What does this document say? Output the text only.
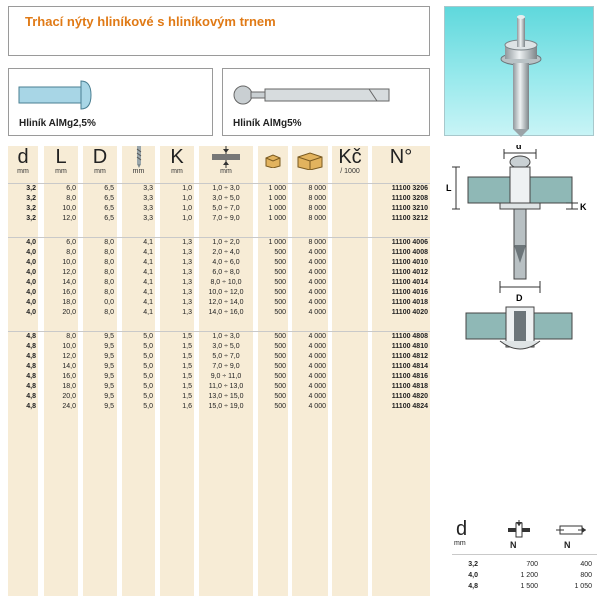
Trhací nýty hliníkové s hliníkovým trnem
Hliník AlMg2,5%	Hliník AlMg5%
d
mm
L
mm
D
mm	mm
K
mm	mm
Kč
/ 1000
N°
3,2	6,0	6,5	3,3	1,0	1,0 ÷ 3,0	1 000	8 000	11100 3206
3,2	8,0	6,5	3,3	1,0	3,0 ÷ 5,0	1 000	8 000	11100 3208
3,2	10,0	6,5	3,3	1,0	5,0 ÷ 7,0	1 000	8 000	11100 3210
3,2	12,0	6,5	3,3	1,0	7,0 ÷ 9,0	1 000	8 000	11100 3212
4,0	6,0	8,0	4,1	1,3	1,0 ÷ 2,0	1 000	8 000	11100 4006
4,0	8,0	8,0	4,1	1,3	2,0 ÷ 4,0	500	4 000	11100 4008
4,0	10,0	8,0	4,1	1,3	4,0 ÷ 6,0	500	4 000	11100 4010
4,0	12,0	8,0	4,1	1,3	6,0 ÷ 8,0	500	4 000	11100 4012
4,0	14,0	8,0	4,1	1,3	8,0 ÷ 10,0	500	4 000	11100 4014
4,0	16,0	8,0	4,1	1,3	10,0 ÷ 12,0	500	4 000	11100 4016
4,0	18,0	0,0	4,1	1,3	12,0 ÷ 14,0	500	4 000	11100 4018
4,0	20,0	8,0	4,1	1,3	14,0 ÷ 16,0	500	4 000	11100 4020
4,8	8,0	9,5	5,0	1,5	1,0 ÷ 3,0	500	4 000	11100 4808
4,8	10,0	9,5	5,0	1,5	3,0 ÷ 5,0	500	4 000	11100 4810
4,8	12,0	9,5	5,0	1,5	5,0 ÷ 7,0	500	4 000	11100 4812
4,8	14,0	9,5	5,0	1,5	7,0 ÷ 9,0	500	4 000	11100 4814
4,8	16,0	9,5	5,0	1,5	9,0 ÷ 11,0	500	4 000	11100 4816
4,8	18,0	9,5	5,0	1,5	11,0 ÷ 13,0	500	4 000	11100 4818
4,8	20,0	9,5	5,0	1,5	13,0 ÷ 15,0	500	4 000	11100 4820
4,8	24,0	9,5	5,0	1,6	15,0 ÷ 19,0	500	4 000	11100 4824
d
L
K
D
d
mm	N	N
3,2	700	400
4,0	1 200	800
4,8	1 500	1 050
